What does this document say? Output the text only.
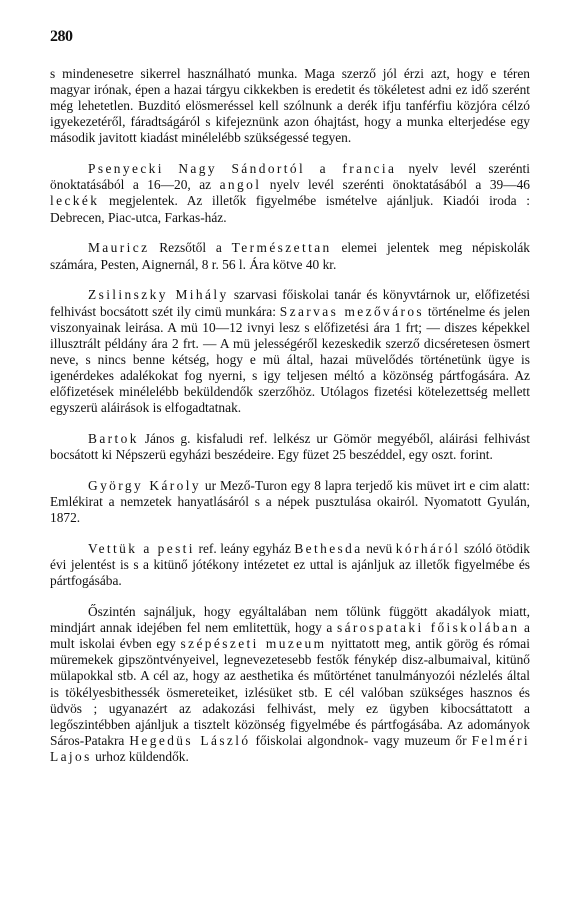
280

s mindenesetre sikerrel használható munka. Maga szerző jól érzi azt, hogy e téren magyar irónak, épen a hazai tárgyu cikkekben is eredetit és tökéletest adni ez idő szerént még lehetetlen. Buzditó elösmeréssel kell szólnunk a derék ifju tanférfiu közjóra célzó igyekezetéről, fáradtságáról s kifejeznünk azon óhajtást, hogy a munka elterjedése egy második javitott kiadást minélelébb szükségessé tegyen.

Psenyecki Nagy Sándortól a francia nyelv levél szerénti önoktatásából a 16—20, az angol nyelv levél szerénti önoktatásából a 39—46 leckék megjelentek. Az illetők figyelmébe ismételve ajánljuk. Kiadói iroda : Debrecen, Piac-utca, Farkas-ház.

Mauricz Rezsőtől a Természettan elemei jelentek meg népiskolák számára, Pesten, Aignernál, 8 r. 56 l. Ára kötve 40 kr.

Zsilinszky Mihály szarvasi főiskolai tanár és könyvtárnok ur, előfizetési felhivást bocsátott szét ily cimü munkára: Szarvas mezőváros történelme és jelen viszonyainak leirása. A mü 10—12 ivnyi lesz s előfizetési ára 1 frt; — diszes képekkel illusztrált példány ára 2 frt. — A mü jelességéről kezeskedik szerző dicséretesen ösmert neve, s nincs benne kétség, hogy e mü által, hazai müvelődés történetünk ügye is igenérdekes adalékokat fog nyerni, s igy teljesen méltó a közönség pártfogására. Az előfizetések minélelébb beküldendők szerzőhöz. Utólagos fizetési kötelezettség mellett egyszerü aláirások is elfogadtatnak.

Bartok János g. kisfaludi ref. lelkész ur Gömör megyéből, aláirási felhivást bocsátott ki Népszerü egyházi beszédeire. Egy füzet 25 beszéddel, egy oszt. forint.

György Károly ur Mező-Turon egy 8 lapra terjedő kis müvet irt e cim alatt: Emlékirat a nemzetek hanyatlásáról s a népek pusztulása okairól. Nyomatott Gyulán, 1872.

Vettük a pesti ref. leány egyház Bethesda nevü kórháról szóló ötödik évi jelentést is s a kitünő jótékony intézetet ez uttal is ajánljuk az illetők figyelmébe és pártfogásába.

Őszintén sajnáljuk, hogy egyáltalában nem tőlünk függött akadályok miatt, mindjárt annak idejében fel nem emlitettük, hogy a sárospataki főiskolában a mult iskolai évben egy szépészeti muzeum nyittatott meg, antik görög és római müremekek gipszöntvényeivel, legnevezetesebb festők fénykép disz-albumaival, kitünő mülapokkal stb. A cél az, hogy az aesthetika és műtörténet tanulmányozói nézlelés által is tökélyesbithessék ösmereteiket, izlésüket stb. E cél valóban szükséges hasznos és üdvös ; ugyanazért az adakozási felhivást, mely ez ügyben kibocsáttatott a legőszintébben ajánljuk a tisztelt közönség figyelmébe és pártfogásába. Az adományok Sáros-Patakra Hegedüs László főiskolai algondnok- vagy muzeum őr Felméri Lajos urhoz küldendők.
